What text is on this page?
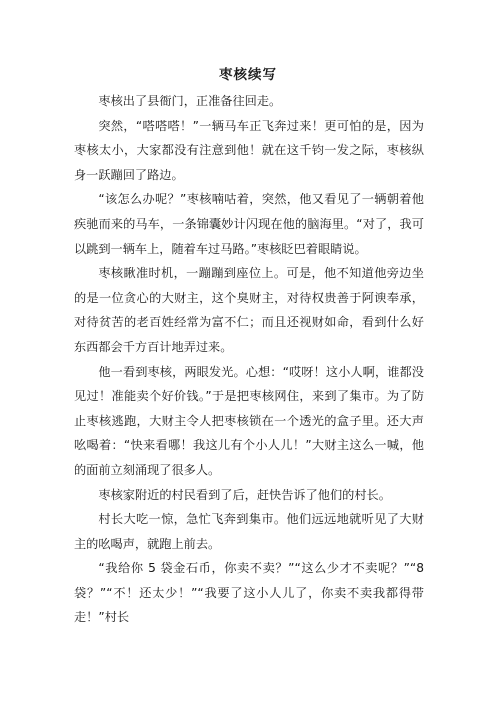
枣核续写

枣核出了县衙门，正准备往回走。

突然，“嗒嗒嗒！”一辆马车正飞奔过来！更可怕的是，因为枣核太小，大家都没有注意到他！就在这千钧一发之际，枣核纵身一跃蹦回了路边。

“该怎么办呢？”枣核喃咕着，突然，他又看见了一辆朝着他疾驰而来的马车，一条锦囊妙计闪现在他的脑海里。“对了，我可以跳到一辆车上，随着车过马路。”枣核眨巴着眼睛说。

枣核瞅准时机，一蹦蹦到座位上。可是，他不知道他旁边坐的是一位贪心的大财主，这个臭财主，对待权贵善于阿谀奉承，对待贫苦的老百姓经常为富不仁；而且还视财如命，看到什么好东西都会千方百计地弄过来。

他一看到枣核，两眼发光。心想：“哎呀！这小人啊，谁都没见过！准能卖个好价钱。”于是把枣核网住，来到了集市。为了防止枣核逃跑，大财主令人把枣核锁在一个透光的盒子里。还大声吆喝着：“快来看哪！我这儿有个小人儿！”大财主这么一喊，他的面前立刻涌现了很多人。

枣核家附近的村民看到了后，赶快告诉了他们的村长。

村长大吃一惊，急忙飞奔到集市。他们远远地就听见了大财主的吆喝声，就跑上前去。

“我给你 5 袋金石币，你卖不卖？”“这么少才不卖呢？”“8 袋？”“不！还太少！”“我要了这小人儿了，你卖不卖我都得带走！”村长
